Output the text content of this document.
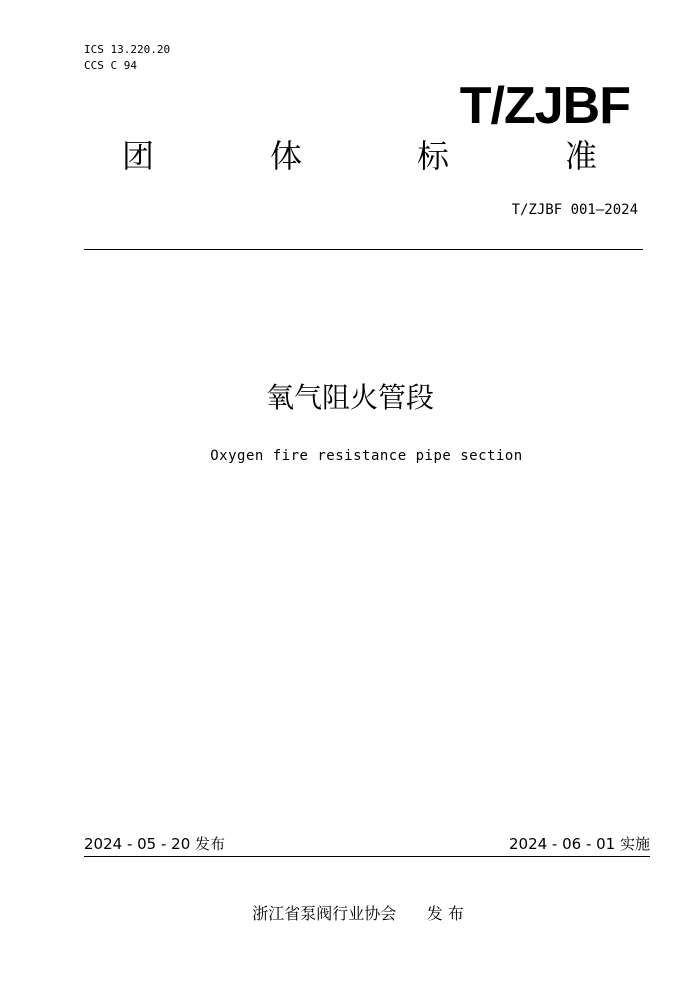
ICS 13.220.20
CCS C 94
T/ZJBF
团	体	标	准
T/ZJBF 001—2024
氧气阻火管段
Oxygen fire resistance pipe section
2024 - 05 - 20 发布	2024 - 06 - 01 实施
浙江省泵阀行业协会      发 布
